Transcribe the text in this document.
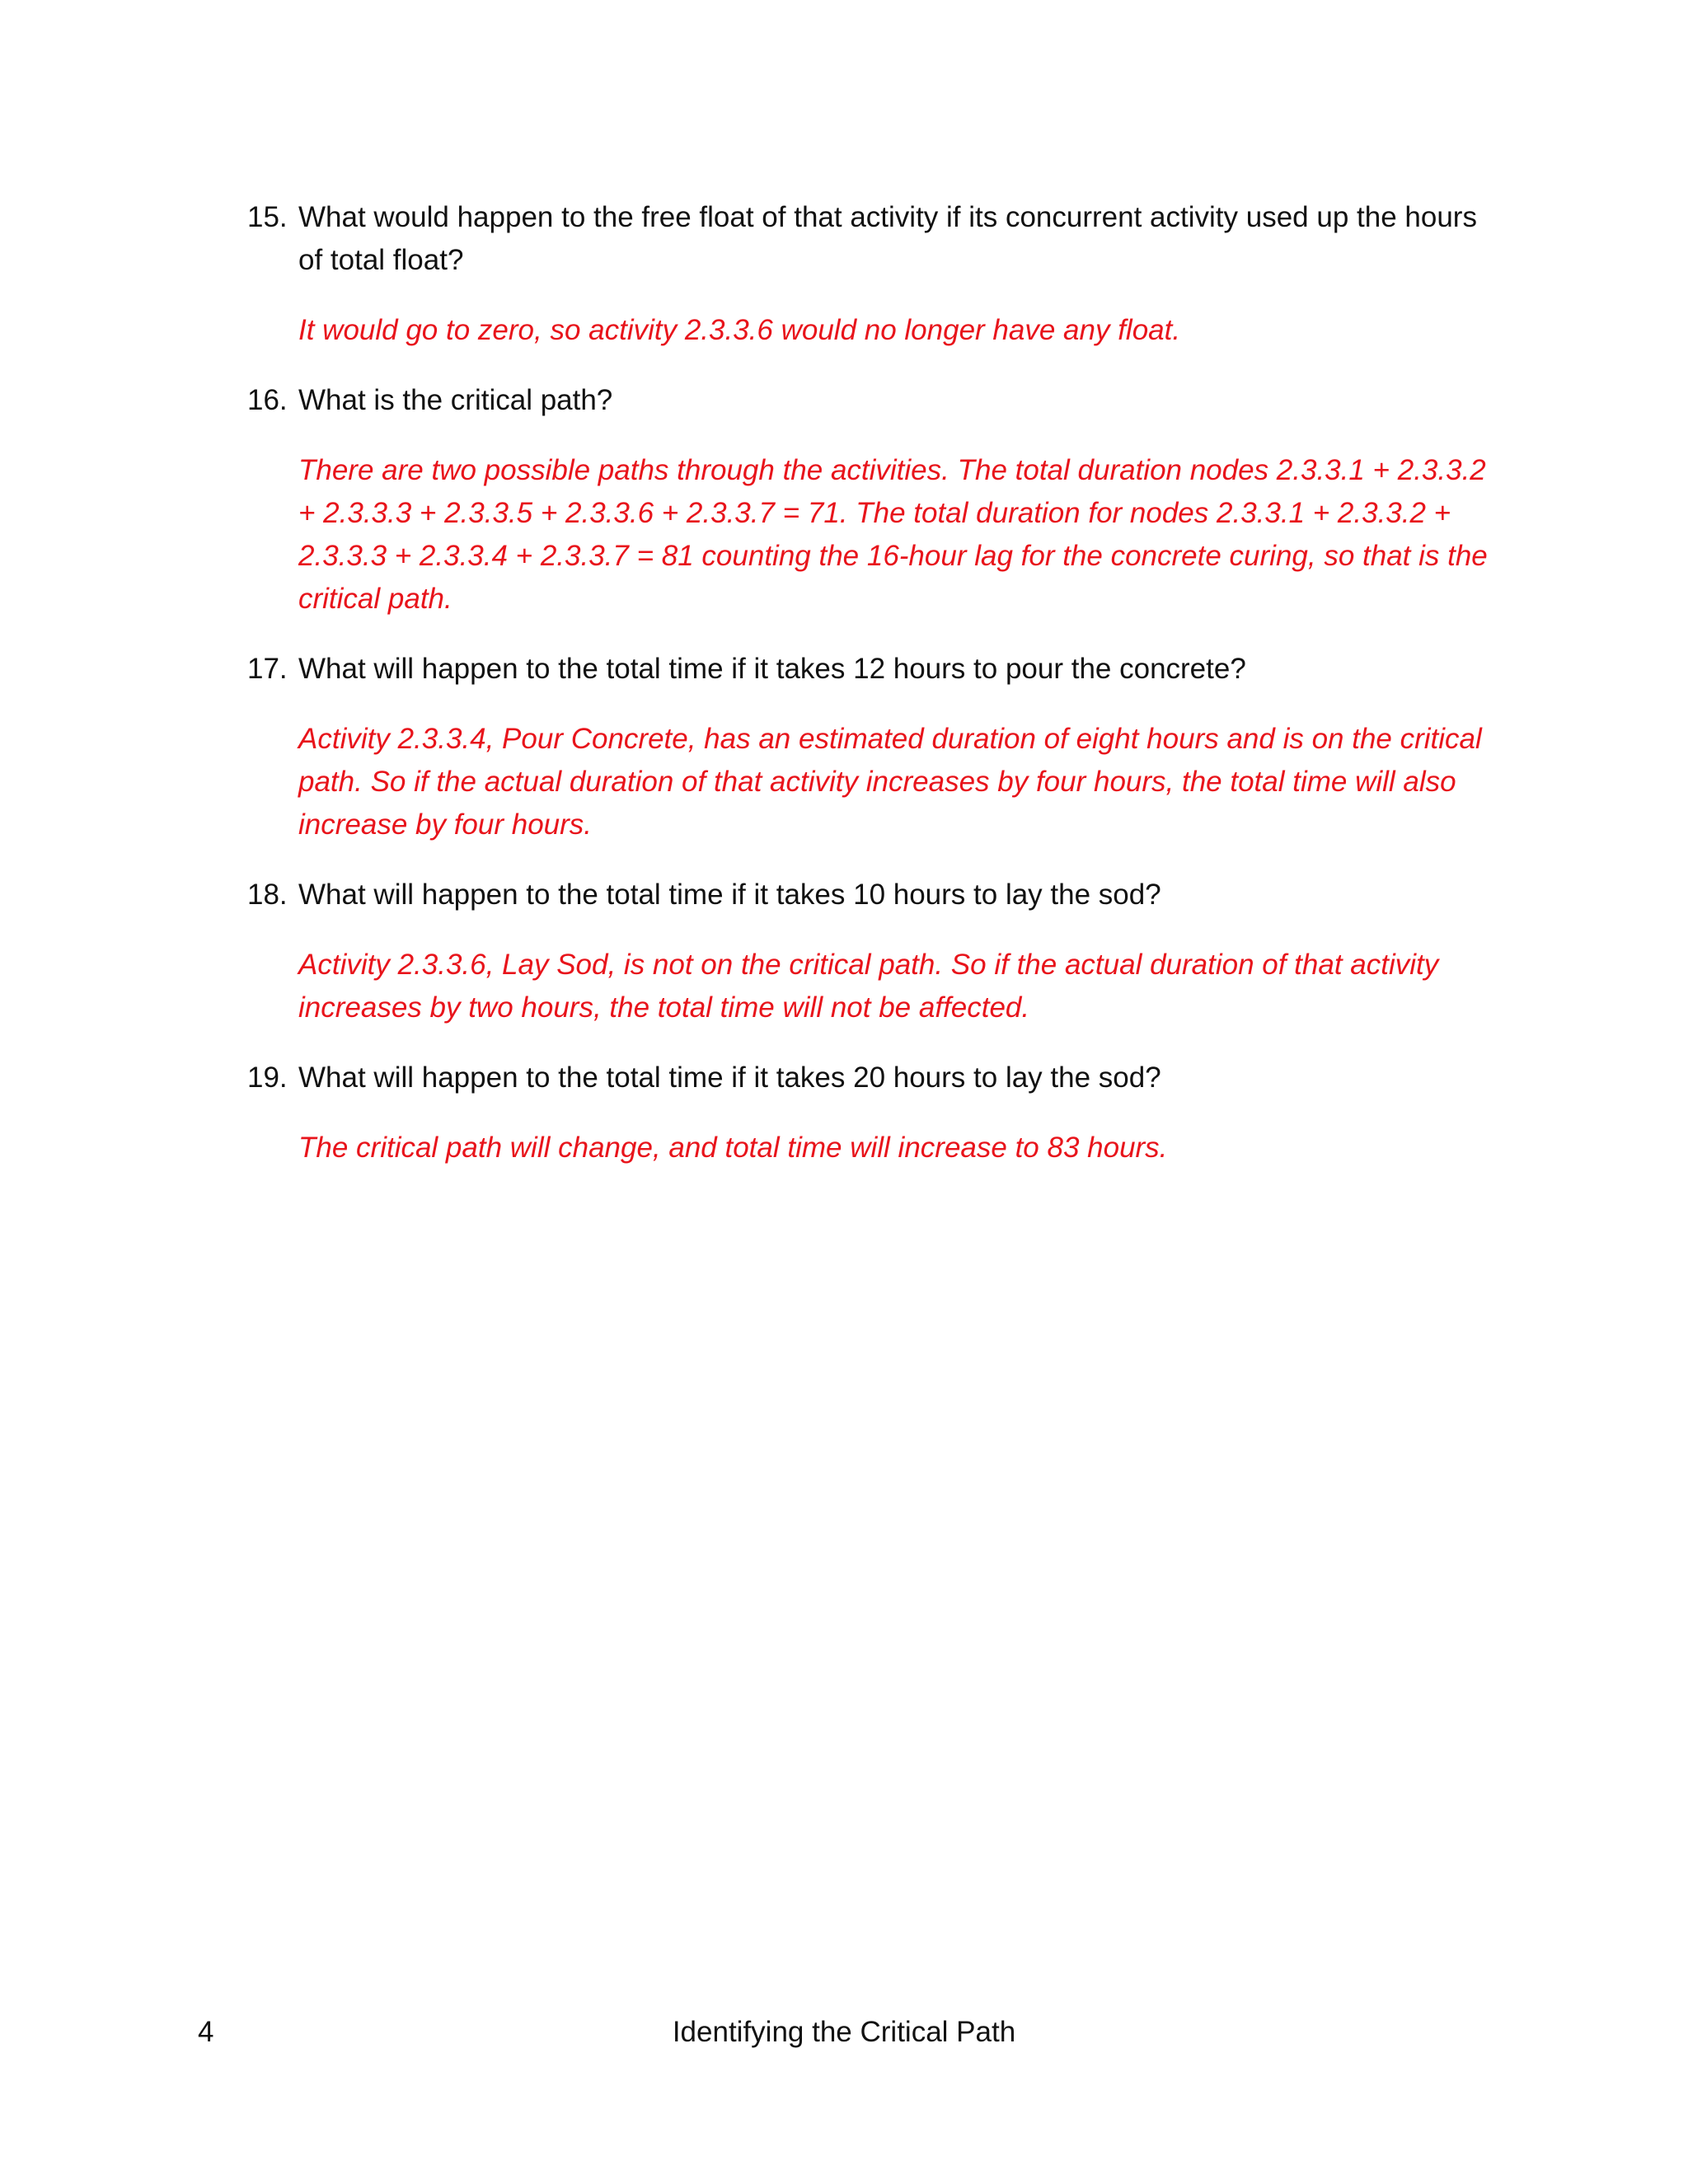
15. What would happen to the free float of that activity if its concurrent activity used up the hours of total float?

It would go to zero, so activity 2.3.3.6 would no longer have any float.

16. What is the critical path?

There are two possible paths through the activities. The total duration nodes 2.3.3.1 + 2.3.3.2 + 2.3.3.3 + 2.3.3.5 + 2.3.3.6 + 2.3.3.7 = 71. The total duration for nodes 2.3.3.1 + 2.3.3.2 + 2.3.3.3 + 2.3.3.4 + 2.3.3.7 = 81 counting the 16-hour lag for the concrete curing, so that is the critical path.

17. What will happen to the total time if it takes 12 hours to pour the concrete?

Activity 2.3.3.4, Pour Concrete, has an estimated duration of eight hours and is on the critical path. So if the actual duration of that activity increases by four hours, the total time will also increase by four hours.

18. What will happen to the total time if it takes 10 hours to lay the sod?

Activity 2.3.3.6, Lay Sod, is not on the critical path. So if the actual duration of that activity increases by two hours, the total time will not be affected.

19. What will happen to the total time if it takes 20 hours to lay the sod?

The critical path will change, and total time will increase to 83 hours.

4	Identifying the Critical Path
